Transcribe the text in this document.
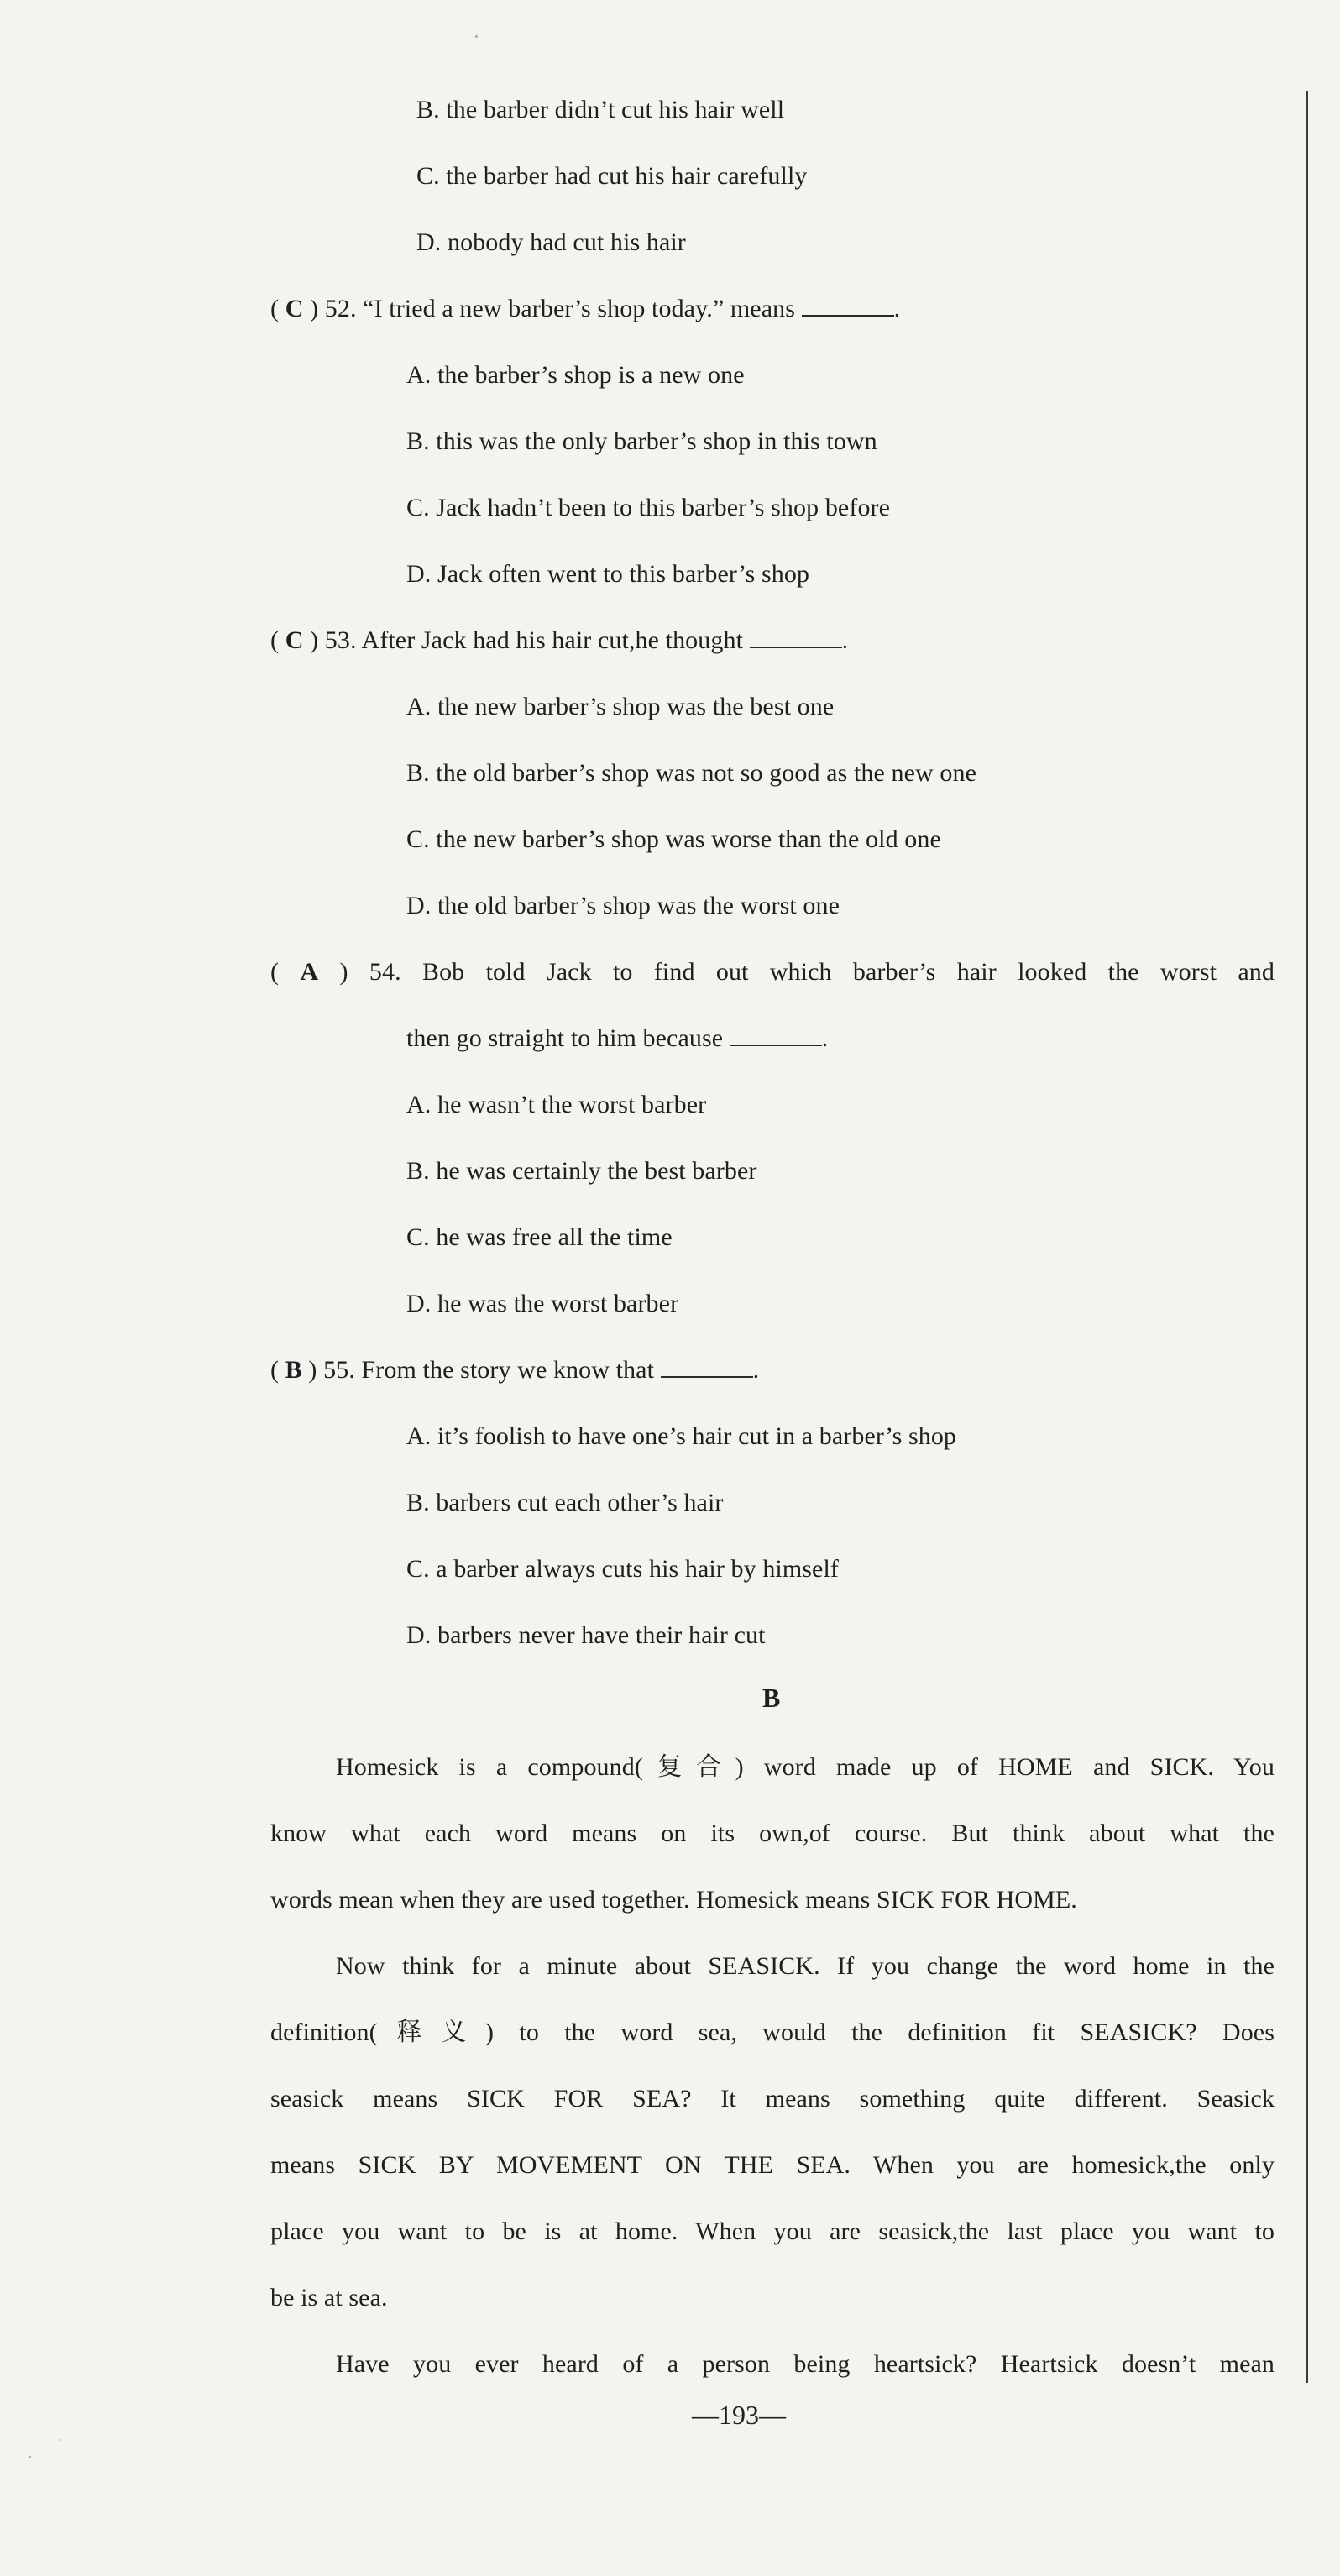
B. the barber didn’t cut his hair well
C. the barber had cut his hair carefully
D. nobody had cut his hair
( C ) 52. “I tried a new barber’s shop today.” means	.
A. the barber’s shop is a new one
B. this was the only barber’s shop in this town
C. Jack hadn’t been to this barber’s shop before
D. Jack often went to this barber’s shop
( C ) 53. After Jack had his hair cut,he thought	.
A. the new barber’s shop was the best one
B. the old barber’s shop was not so good as the new one
C. the new barber’s shop was worse than the old one
D. the old barber’s shop was the worst one
( A ) 54. Bob told Jack to find out which barber’s hair looked the worst and
then go straight to him because	.
A. he wasn’t the worst barber
B. he was certainly the best barber
C. he was free all the time
D. he was the worst barber
( B ) 55. From the story we know that	.
A. it’s foolish to have one’s hair cut in a barber’s shop
B. barbers cut each other’s hair
C. a barber always cuts his hair by himself
D. barbers never have their hair cut
B
Homesick is a compound(复合) word made up of HOME and SICK. You
know what each word means on its own,of course. But think about what the
words mean when they are used together. Homesick means SICK FOR HOME.
Now think for a minute about SEASICK. If you change the word home in the
definition(释义) to the word sea, would the definition fit SEASICK? Does
seasick means SICK FOR SEA? It means something quite different. Seasick
means SICK BY MOVEMENT ON THE SEA. When you are homesick,the only
place you want to be is at home. When you are seasick,the last place you want to
be is at sea.
Have you ever heard of a person being heartsick? Heartsick doesn’t mean
—193—
